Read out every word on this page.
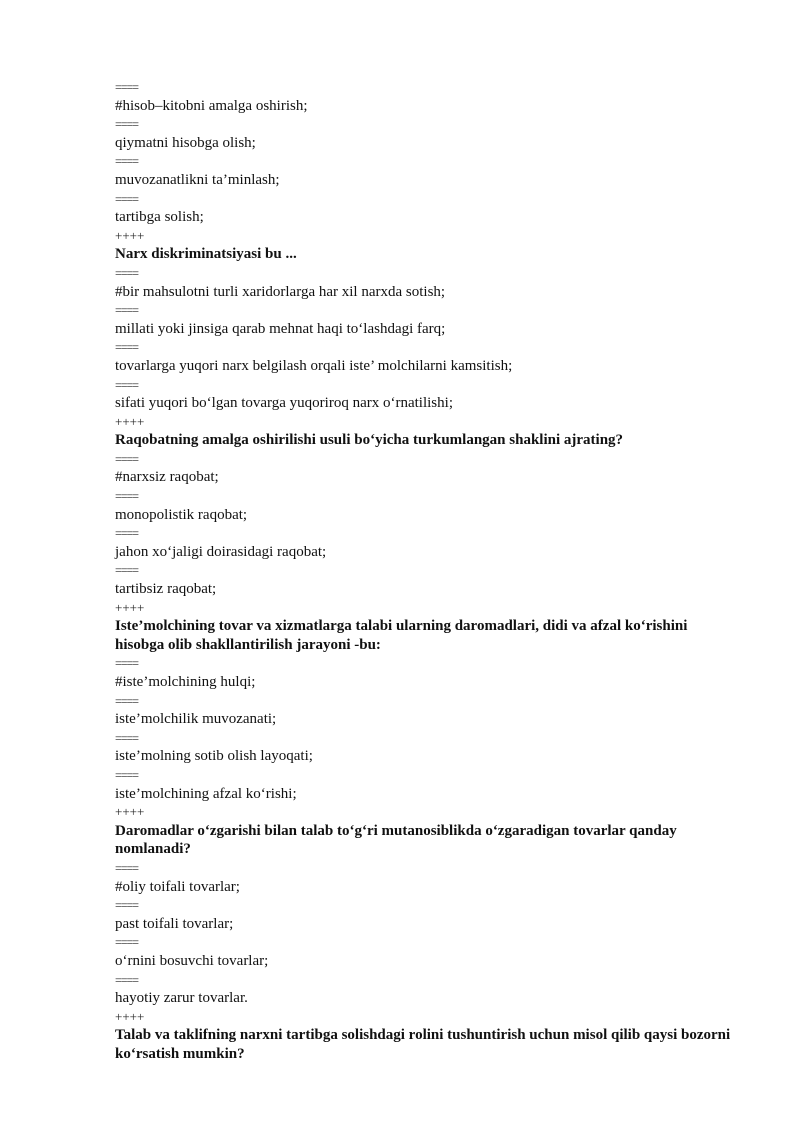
====
#hisob–kitobni amalga oshirish;
====
qiymatni hisobga olish;
====
muvozanatlikni ta’minlash;
====
tartibga solish;
++++
Narx diskriminatsiyasi bu ...
====
#bir mahsulotni turli xaridorlarga har xil narxda sotish;
====
millati yoki jinsiga qarab mehnat haqi to‘lashdagi farq;
====
tovarlarga yuqori narx belgilash orqali iste’ molchilarni kamsitish;
====
sifati yuqori bo‘lgan tovarga yuqoriroq narx o‘rnatilishi;
++++
Raqobatning amalga oshirilishi usuli bo‘yicha turkumlangan shaklini ajrating?
====
#narxsiz raqobat;
====
monopolistik raqobat;
====
jahon xo‘jaligi doirasidagi raqobat;
====
tartibsiz raqobat;
++++
Iste’molchining tovar va xizmatlarga talabi ularning daromadlari, didi va afzal ko‘rishini hisobga olib shakllantirilish jarayoni -bu:
====
#iste’molchining hulqi;
====
iste’molchilik muvozanati;
====
iste’molning sotib olish layoqati;
====
iste’molchining afzal ko‘rishi;
++++
Daromadlar o‘zgarishi bilan talab to‘g‘ri mutanosiblikda o‘zgaradigan tovarlar qanday nomlanadi?
====
#oliy toifali tovarlar;
====
past toifali tovarlar;
====
o‘rnini bosuvchi tovarlar;
====
hayotiy zarur tovarlar.
++++
Talab va taklifning narxni tartibga solishdagi rolini tushuntirish uchun misol qilib qaysi bozorni ko‘rsatish mumkin?
